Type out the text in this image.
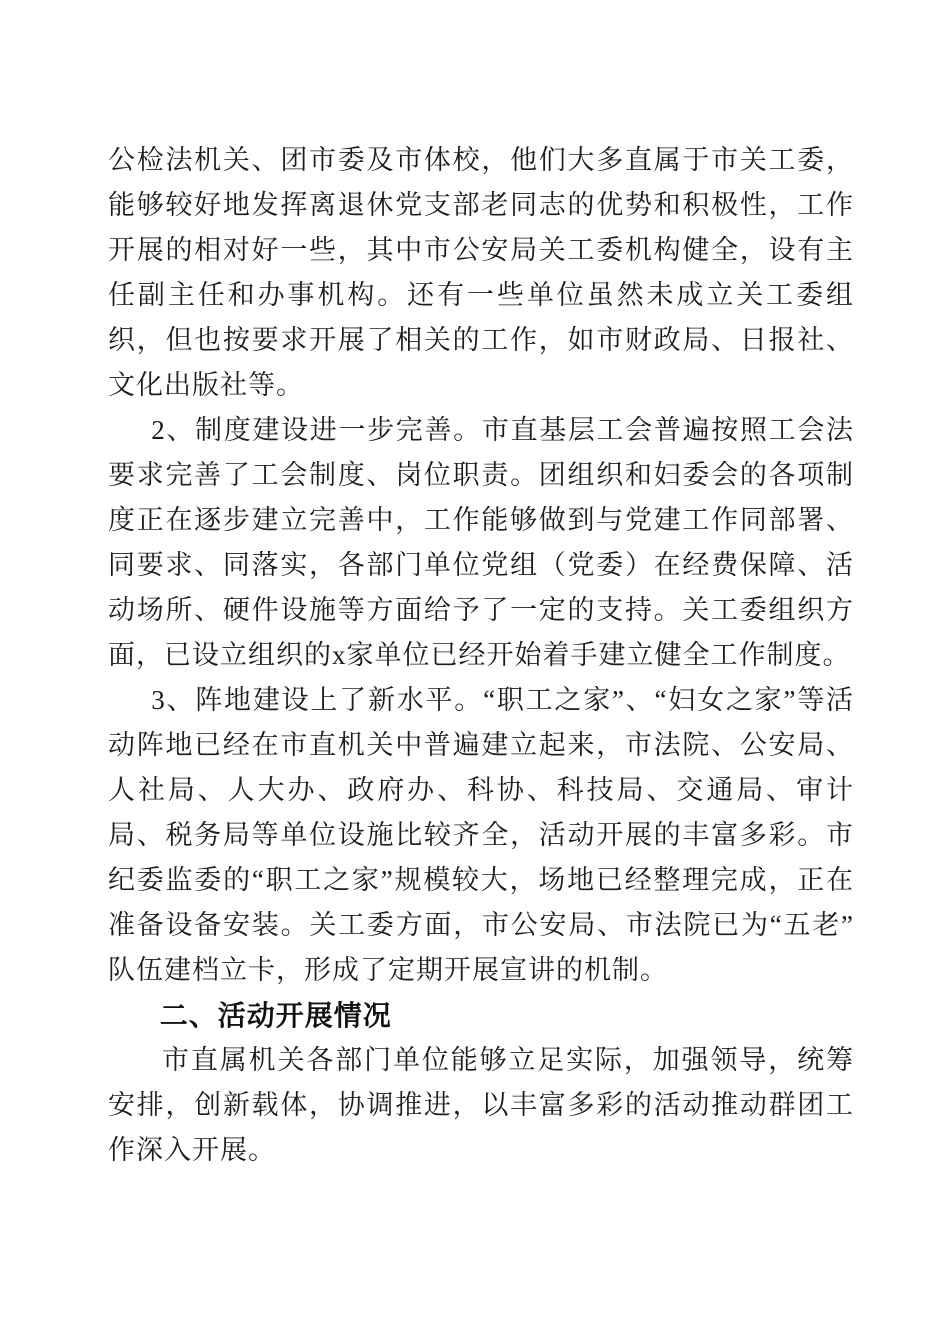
公检法机关、团市委及市体校，他们大多直属于市关工委，能够较好地发挥离退休党支部老同志的优势和积极性，工作开展的相对好一些，其中市公安局关工委机构健全，设有主任副主任和办事机构。还有一些单位虽然未成立关工委组织，但也按要求开展了相关的工作，如市财政局、日报社、文化出版社等。

2、制度建设进一步完善。市直基层工会普遍按照工会法要求完善了工会制度、岗位职责。团组织和妇委会的各项制度正在逐步建立完善中，工作能够做到与党建工作同部署、同要求、同落实，各部门单位党组（党委）在经费保障、活动场所、硬件设施等方面给予了一定的支持。关工委组织方面，已设立组织的x家单位已经开始着手建立健全工作制度。

3、阵地建设上了新水平。“职工之家”、“妇女之家”等活动阵地已经在市直机关中普遍建立起来，市法院、公安局、人社局、人大办、政府办、科协、科技局、交通局、审计局、税务局等单位设施比较齐全，活动开展的丰富多彩。市纪委监委的“职工之家”规模较大，场地已经整理完成，正在准备设备安装。关工委方面，市公安局、市法院已为“五老”队伍建档立卡，形成了定期开展宣讲的机制。

二、活动开展情况

市直属机关各部门单位能够立足实际，加强领导，统筹安排，创新载体，协调推进，以丰富多彩的活动推动群团工作深入开展。
